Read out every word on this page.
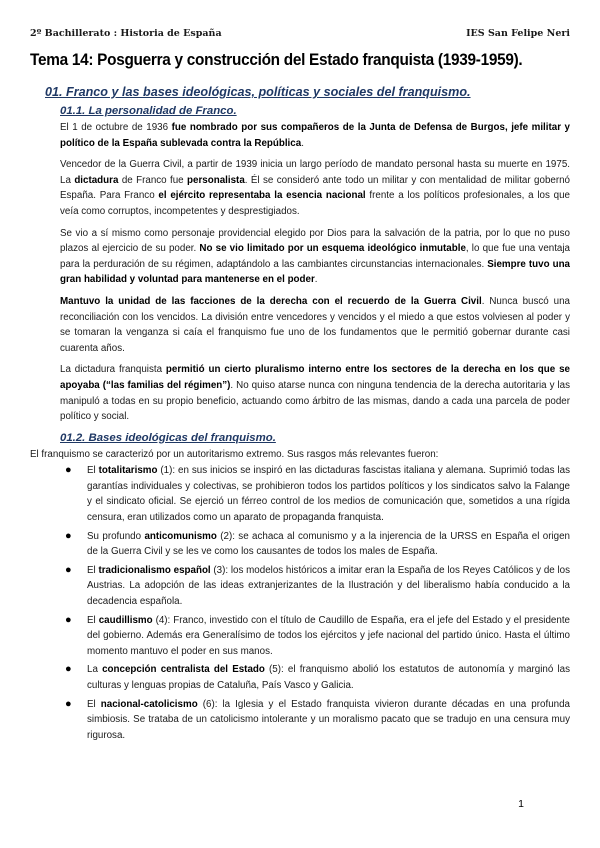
2º Bachillerato : Historia de España	IES San Felipe Neri
Tema 14: Posguerra y construcción del Estado franquista (1939-1959).
01. Franco y las bases ideológicas, políticas y sociales del franquismo.
01.1. La personalidad de Franco.

El 1 de octubre de 1936 fue nombrado por sus compañeros de la Junta de Defensa de Burgos, jefe militar y político de la España sublevada contra la República.

Vencedor de la Guerra Civil, a partir de 1939 inicia un largo período de mandato personal hasta su muerte en 1975. La dictadura de Franco fue personalista. Él se consideró ante todo un militar y con mentalidad de militar gobernó España. Para Franco el ejército representaba la esencia nacional frente a los políticos profesionales, a los que veía como corruptos, incompetentes y desprestigiados.

Se vio a sí mismo como personaje providencial elegido por Dios para la salvación de la patria, por lo que no puso plazos al ejercicio de su poder. No se vio limitado por un esquema ideológico inmutable, lo que fue una ventaja para la perduración de su régimen, adaptándolo a las cambiantes circunstancias internacionales. Siempre tuvo una gran habilidad y voluntad para mantenerse en el poder.

Mantuvo la unidad de las facciones de la derecha con el recuerdo de la Guerra Civil. Nunca buscó una reconciliación con los vencidos. La división entre vencedores y vencidos y el miedo a que estos volviesen al poder y se tomaran la venganza si caía el franquismo fue uno de los fundamentos que le permitió gobernar durante casi cuarenta años.

La dictadura franquista permitió un cierto pluralismo interno entre los sectores de la derecha en los que se apoyaba (“las familias del régimen”). No quiso atarse nunca con ninguna tendencia de la derecha autoritaria y las manipuló a todas en su propio beneficio, actuando como árbitro de las mismas, dando a cada una parcela de poder político y social.

01.2. Bases ideológicas del franquismo.

El franquismo se caracterizó por un autoritarismo extremo. Sus rasgos más relevantes fueron:

● El totalitarismo (1): en sus inicios se inspiró en las dictaduras fascistas italiana y alemana. Suprimió todas las garantías individuales y colectivas, se prohibieron todos los partidos políticos y los sindicatos salvo la Falange y el sindicato oficial. Se ejerció un férreo control de los medios de comunicación que, sometidos a una rígida censura, eran utilizados como un aparato de propaganda franquista.
● Su profundo anticomunismo (2): se achaca al comunismo y a la injerencia de la URSS en España el origen de la Guerra Civil y se les ve como los causantes de todos los males de España.
● El tradicionalismo español (3): los modelos históricos a imitar eran la España de los Reyes Católicos y de los Austrias. La adopción de las ideas extranjerizantes de la Ilustración y del liberalismo había conducido a la decadencia española.
● El caudillismo (4): Franco, investido con el título de Caudillo de España, era el jefe del Estado y el presidente del gobierno. Además era Generalísimo de todos los ejércitos y jefe nacional del partido único. Hasta el último momento mantuvo el poder en sus manos.
● La concepción centralista del Estado (5): el franquismo abolió los estatutos de autonomía y marginó las culturas y lenguas propias de Cataluña, País Vasco y Galicia.
● El nacional-catolicismo (6): la Iglesia y el Estado franquista vivieron durante décadas en una profunda simbiosis. Se trataba de un catolicismo intolerante y un moralismo pacato que se tradujo en una censura muy rigurosa.
1
